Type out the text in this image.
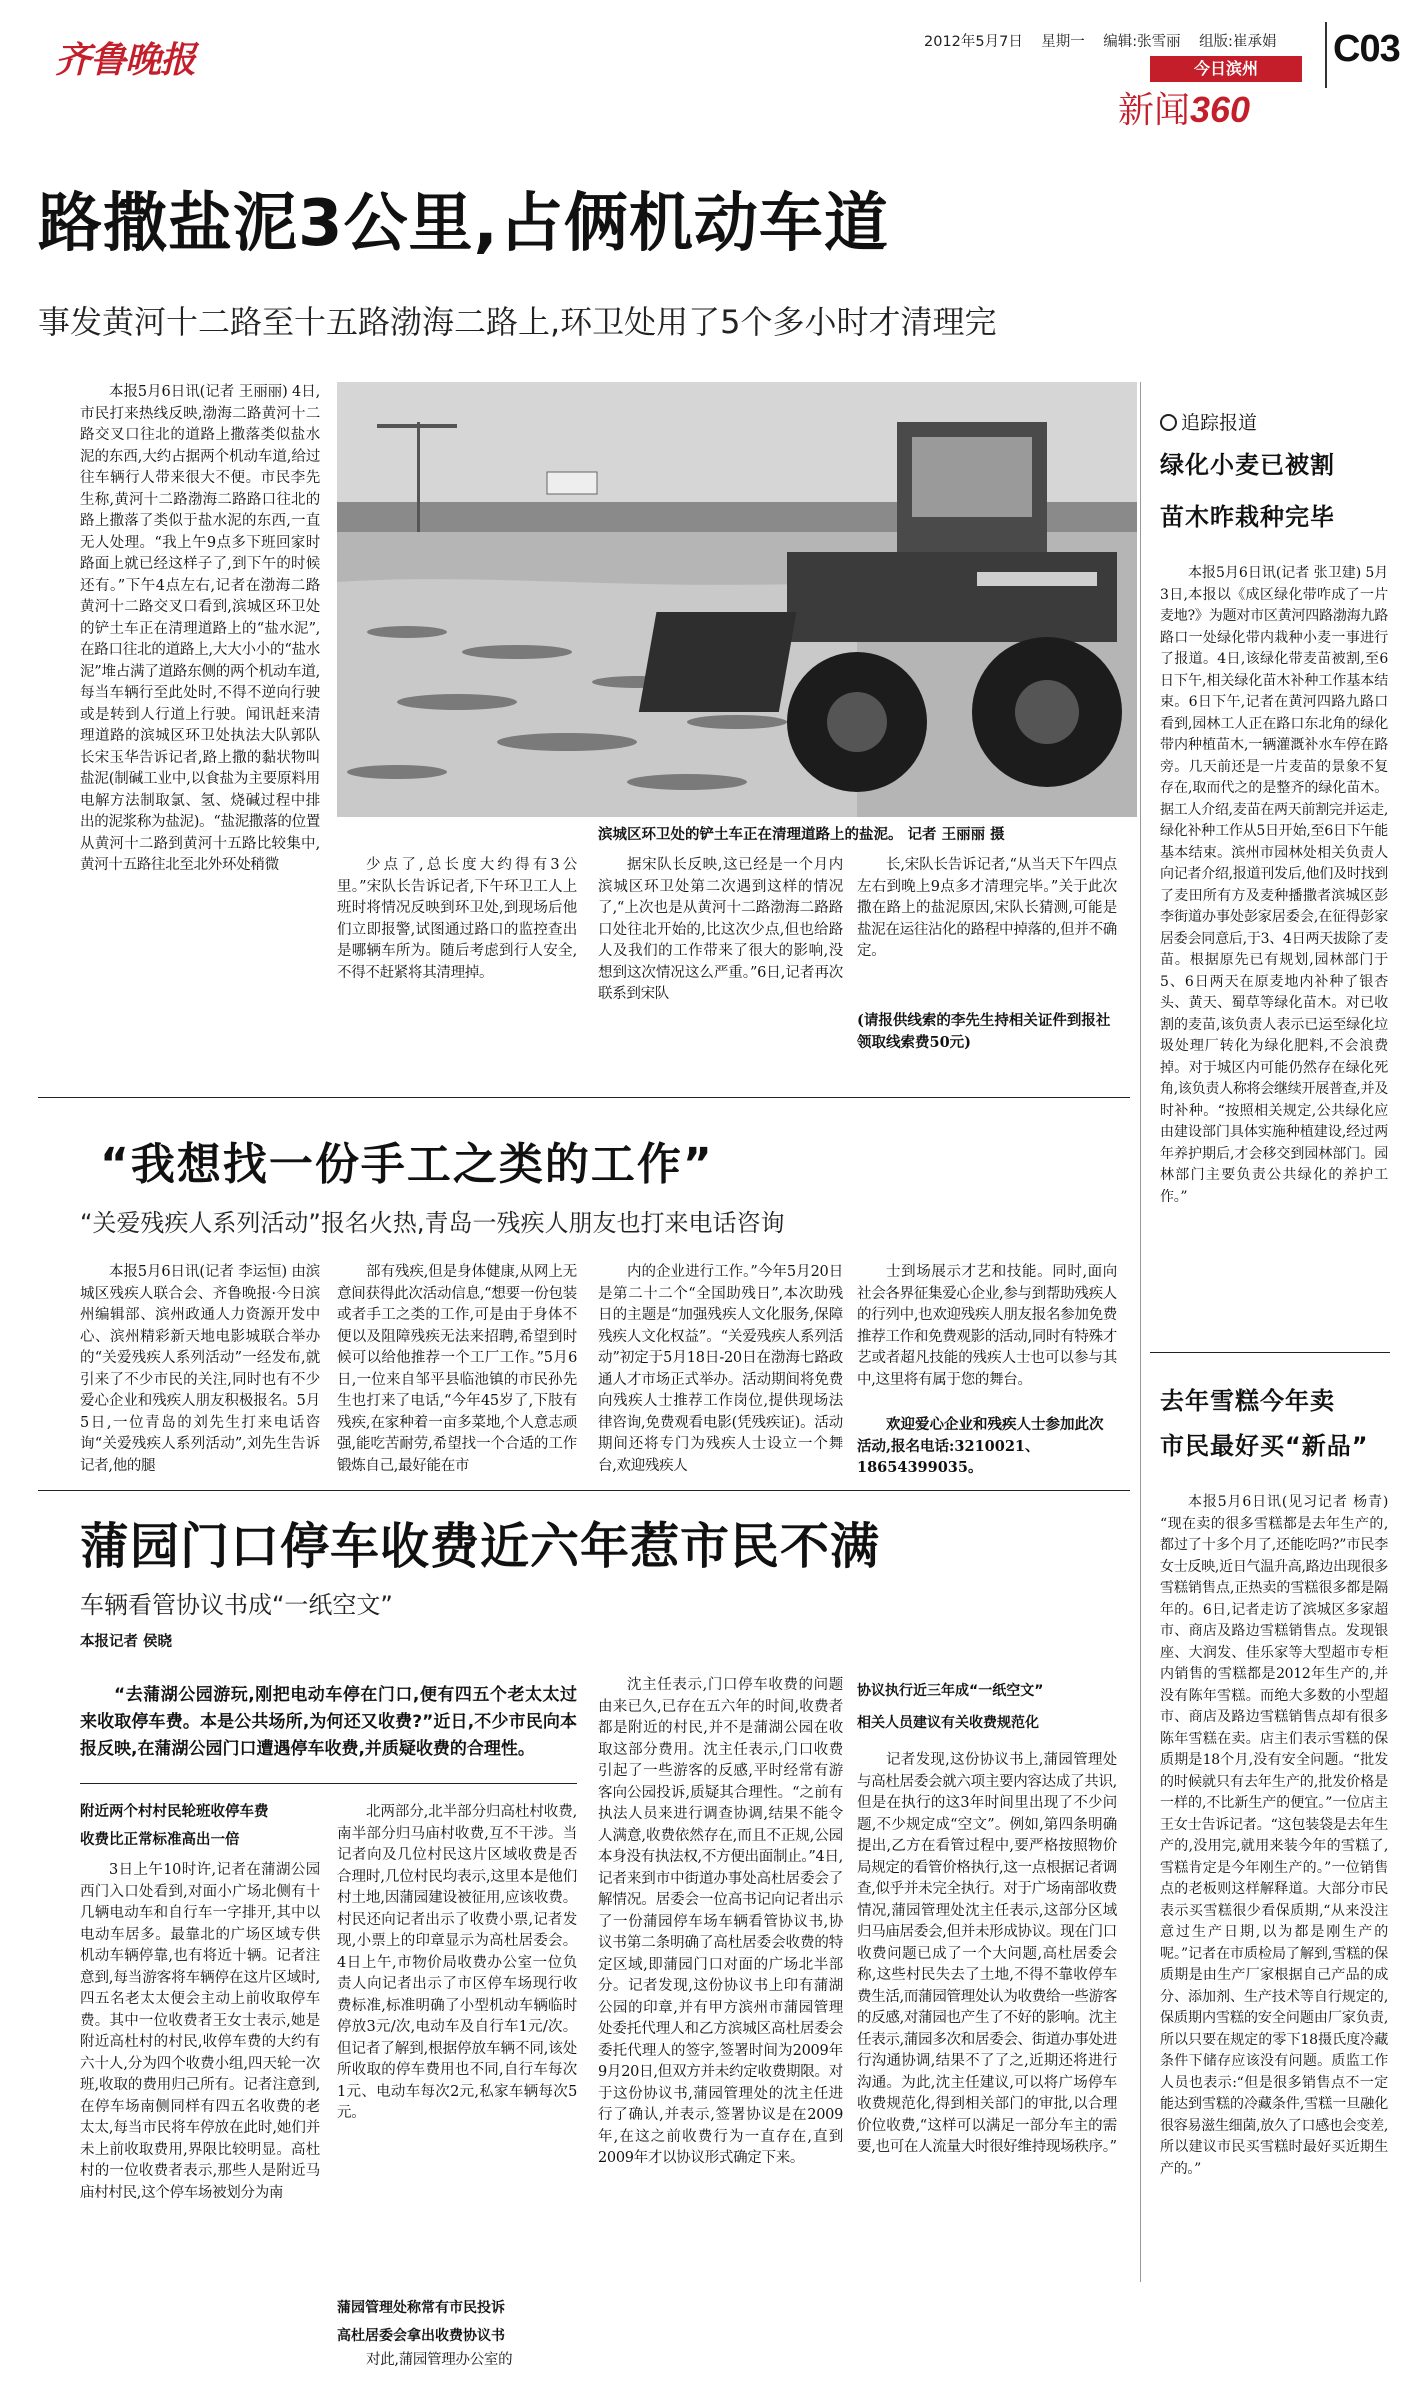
齐鲁晚报	2012年5月7日 星期一 编辑:张雪丽 组版:崔承娟 C03
今日滨州
新闻360
路撒盐泥3公里,占俩机动车道
事发黄河十二路至十五路渤海二路上,环卫处用了5个多小时才清理完
本报5月6日讯(记者 王丽丽) 4日,市民打来热线反映,渤海二路黄河十二路交叉口往北的道路上撒落类似盐水泥的东西,大约占据两个机动车道,给过往车辆行人带来很大不便。市民李先生称,黄河十二路渤海二路路口往北的路上撒落了类似于盐水泥的东西,一直无人处理。“我上午9点多下班回家时路面上就已经这样子了,到下午的时候还有。”下午4点左右,记者在渤海二路黄河十二路交叉口看到,滨城区环卫处的铲土车正在清理道路上的“盐水泥”,在路口往北的道路上,大大小小的“盐水泥”堆占满了道路东侧的两个机动车道,每当车辆行至此处时,不得不逆向行驶或是转到人行道上行驶。闻讯赶来清理道路的滨城区环卫处执法大队郭队长宋玉华告诉记者,路上撒的黏状物叫盐泥(制碱工业中,以食盐为主要原料用电解方法制取氯、氢、烧碱过程中排出的泥浆称为盐泥)。“盐泥撒落的位置从黄河十二路到黄河十五路比较集中,黄河十五路往北至北外环处稍微
滨城区环卫处的铲土车正在清理道路上的盐泥。 记者 王丽丽 摄
少点了,总长度大约得有3公里。”宋队长告诉记者,下午环卫工人上班时将情况反映到环卫处,到现场后他们立即报警,试图通过路口的监控查出是哪辆车所为。随后考虑到行人安全,不得不赶紧将其清理掉。
据宋队长反映,这已经是一个月内滨城区环卫处第二次遇到这样的情况了,“上次也是从黄河十二路渤海二路路口处往北开始的,比这次少点,但也给路人及我们的工作带来了很大的影响,没想到这次情况这么严重。”6日,记者再次联系到宋队
长,宋队长告诉记者,“从当天下午四点左右到晚上9点多才清理完毕。”关于此次撒在路上的盐泥原因,宋队长猜测,可能是盐泥在运往沾化的路程中掉落的,但并不确定。
(请报供线索的李先生持相关证件到报社领取线索费50元)
追踪报道
绿化小麦已被割
苗木昨栽种完毕
本报5月6日讯(记者 张卫建) 5月3日,本报以《成区绿化带咋成了一片麦地?》为题对市区黄河四路渤海九路路口一处绿化带内栽种小麦一事进行了报道。4日,该绿化带麦苗被割,至6日下午,相关绿化苗木补种工作基本结束。6日下午,记者在黄河四路九路口看到,园林工人正在路口东北角的绿化带内种植苗木,一辆灌溉补水车停在路旁。几天前还是一片麦苗的景象不复存在,取而代之的是整齐的绿化苗木。据工人介绍,麦苗在两天前割完并运走,绿化补种工作从5日开始,至6日下午能基本结束。滨州市园林处相关负责人向记者介绍,报道刊发后,他们及时找到了麦田所有方及麦种播撒者滨城区彭李街道办事处彭家居委会,在征得彭家居委会同意后,于3、4日两天拔除了麦苗。根据原先已有规划,园林部门于5、6日两天在原麦地内补种了银杏头、黄天、蜀草等绿化苗木。对已收割的麦苗,该负责人表示已运至绿化垃圾处理厂转化为绿化肥料,不会浪费掉。对于城区内可能仍然存在绿化死角,该负责人称将会继续开展普查,并及时补种。“按照相关规定,公共绿化应由建设部门具体实施种植建设,经过两年养护期后,才会移交到园林部门。园林部门主要负责公共绿化的养护工作。”
去年雪糕今年卖
市民最好买“新品”
本报5月6日讯(见习记者 杨青) “现在卖的很多雪糕都是去年生产的,都过了十多个月了,还能吃吗?”市民李女士反映,近日气温升高,路边出现很多雪糕销售点,正热卖的雪糕很多都是隔年的。6日,记者走访了滨城区多家超市、商店及路边雪糕销售点。发现银座、大润发、佳乐家等大型超市专柜内销售的雪糕都是2012年生产的,并没有陈年雪糕。而绝大多数的小型超市、商店及路边雪糕销售点却有很多陈年雪糕在卖。店主们表示雪糕的保质期是18个月,没有安全问题。“批发的时候就只有去年生产的,批发价格是一样的,不比新生产的便宜。”一位店主王女士告诉记者。“这包装袋是去年生产的,没用完,就用来装今年的雪糕了,雪糕肯定是今年刚生产的。”一位销售点的老板则这样解释道。大部分市民表示买雪糕很少看保质期,“从来没注意过生产日期,以为都是刚生产的呢。”记者在市质检局了解到,雪糕的保质期是由生产厂家根据自己产品的成分、添加剂、生产技术等自行规定的,保质期内雪糕的安全问题由厂家负责,所以只要在规定的零下18摄氏度冷藏条件下储存应该没有问题。质监工作人员也表示:“但是很多销售点不一定能达到雪糕的冷藏条件,雪糕一旦融化很容易滋生细菌,放久了口感也会变差,所以建议市民买雪糕时最好买近期生产的。”
“我想找一份手工之类的工作”
“关爱残疾人系列活动”报名火热,青岛一残疾人朋友也打来电话咨询
本报5月6日讯(记者 李运恒) 由滨城区残疾人联合会、齐鲁晚报·今日滨州编辑部、滨州政通人力资源开发中心、滨州精彩新天地电影城联合举办的“关爱残疾人系列活动”一经发布,就引来了不少市民的关注,同时也有不少爱心企业和残疾人朋友积极报名。5月5日,一位青岛的刘先生打来电话咨询“关爱残疾人系列活动”,刘先生告诉记者,他的腿
部有残疾,但是身体健康,从网上无意间获得此次活动信息,“想要一份包装或者手工之类的工作,可是由于身体不便以及阻障残疾无法来招聘,希望到时候可以给他推荐一个工厂工作。”5月6日,一位来自邹平县临池镇的市民孙先生也打来了电话,“今年45岁了,下肢有残疾,在家种着一亩多菜地,个人意志顽强,能吃苦耐劳,希望找一个合适的工作锻炼自己,最好能在市
内的企业进行工作。”今年5月20日是第二十二个“全国助残日”,本次助残日的主题是“加强残疾人文化服务,保障残疾人文化权益”。“关爱残疾人系列活动”初定于5月18日-20日在渤海七路政通人才市场正式举办。活动期间将免费向残疾人士推荐工作岗位,提供现场法律咨询,免费观看电影(凭残疾证)。活动期间还将专门为残疾人士设立一个舞台,欢迎残疾人
士到场展示才艺和技能。同时,面向社会各界征集爱心企业,参与到帮助残疾人的行列中,也欢迎残疾人朋友报名参加免费推荐工作和免费观影的活动,同时有特殊才艺或者超凡技能的残疾人士也可以参与其中,这里将有属于您的舞台。
欢迎爱心企业和残疾人士参加此次活动,报名电话:3210021、18654399035。
蒲园门口停车收费近六年惹市民不满
车辆看管协议书成“一纸空文”
本报记者 侯晓
“去蒲湖公园游玩,刚把电动车停在门口,便有四五个老太太过来收取停车费。本是公共场所,为何还又收费?”近日,不少市民向本报反映,在蒲湖公园门口遭遇停车收费,并质疑收费的合理性。
附近两个村村民轮班收停车费
收费比正常标准高出一倍
3日上午10时许,记者在蒲湖公园西门入口处看到,对面小广场北侧有十几辆电动车和自行车一字排开,其中以电动车居多。最靠北的广场区域专供机动车辆停靠,也有将近十辆。记者注意到,每当游客将车辆停在这片区域时,四五名老太太便会主动上前收取停车费。其中一位收费者王女士表示,她是附近高杜村的村民,收停车费的大约有六十人,分为四个收费小组,四天轮一次班,收取的费用归己所有。记者注意到,在停车场南侧同样有四五名收费的老太太,每当市民将车停放在此时,她们并未上前收取费用,界限比较明显。高杜村的一位收费者表示,那些人是附近马庙村村民,这个停车场被划分为南
北两部分,北半部分归高杜村收费,南半部分归马庙村收费,互不干涉。当记者向及几位村民这片区域收费是否合理时,几位村民均表示,这里本是他们村土地,因蒲园建设被征用,应该收费。村民还向记者出示了收费小票,记者发现,小票上的印章显示为高杜居委会。4日上午,市物价局收费办公室一位负责人向记者出示了市区停车场现行收费标准,标准明确了小型机动车辆临时停放3元/次,电动车及自行车1元/次。但记者了解到,根据停放车辆不同,该处所收取的停车费用也不同,自行车每次1元、电动车每次2元,私家车辆每次5元。
蒲园管理处称常有市民投诉
高杜居委会拿出收费协议书
对此,蒲园管理办公室的
沈主任表示,门口停车收费的问题由来已久,已存在五六年的时间,收费者都是附近的村民,并不是蒲湖公园在收取这部分费用。沈主任表示,门口收费引起了一些游客的反感,平时经常有游客向公园投诉,质疑其合理性。“之前有执法人员来进行调查协调,结果不能令人满意,收费依然存在,而且不正规,公园本身没有执法权,不方便出面制止。”4日,记者来到市中街道办事处高杜居委会了解情况。居委会一位高书记向记者出示了一份蒲园停车场车辆看管协议书,协议书第二条明确了高杜居委会收费的特定区域,即蒲园门口对面的广场北半部分。记者发现,这份协议书上印有蒲湖公园的印章,并有甲方滨州市蒲园管理处委托代理人和乙方滨城区高杜居委会委托代理人的签字,签署时间为2009年9月20日,但双方并未约定收费期限。对于这份协议书,蒲园管理处的沈主任进行了确认,并表示,签署协议是在2009年,在这之前收费行为一直存在,直到2009年才以协议形式确定下来。
协议执行近三年成“一纸空文”
相关人员建议有关收费规范化
记者发现,这份协议书上,蒲园管理处与高杜居委会就六项主要内容达成了共识,但是在执行的这3年时间里出现了不少问题,不少规定成“空文”。例如,第四条明确提出,乙方在看管过程中,要严格按照物价局规定的看管价格执行,这一点根据记者调查,似乎并未完全执行。对于广场南部收费情况,蒲园管理处沈主任表示,这部分区域归马庙居委会,但并未形成协议。现在门口收费问题已成了一个大问题,高杜居委会称,这些村民失去了土地,不得不靠收停车费生活,而蒲园管理处认为收费给一些游客的反感,对蒲园也产生了不好的影响。沈主任表示,蒲园多次和居委会、街道办事处进行沟通协调,结果不了了之,近期还将进行沟通。为此,沈主任建议,可以将广场停车收费规范化,得到相关部门的审批,以合理价位收费,“这样可以满足一部分车主的需要,也可在人流量大时很好维持现场秩序。”
